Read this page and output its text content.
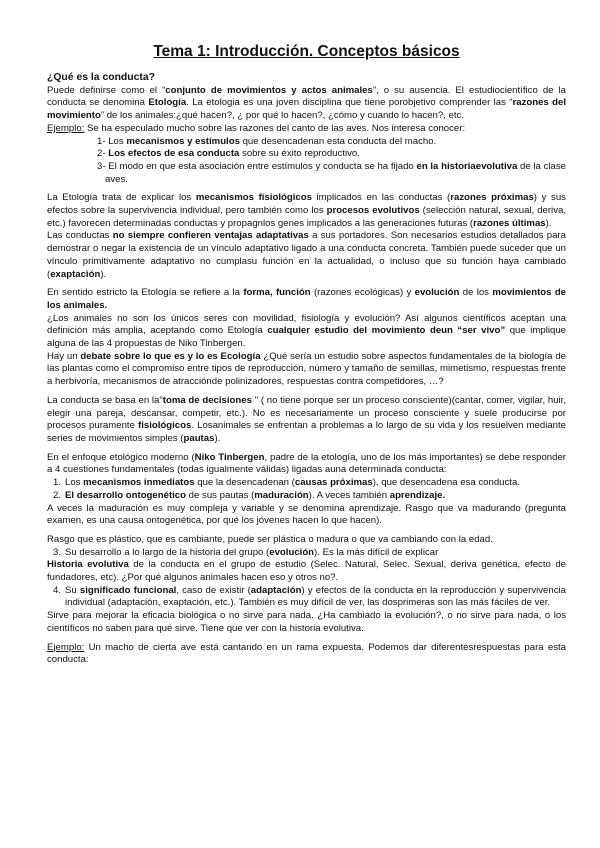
Tema 1: Introducción. Conceptos básicos
¿Qué es la conducta?

Puede definirse como el “conjunto de movimientos y actos animales”, o su ausencia. El estudiocientífico de la conducta se denomina Etología. La etologia es una joven disciplina que tiene porobjetivo comprender las “razones del movimiento” de los animales:¿qué hacen?, ¿ por qué lo hacen?, ¿cómo y cuando lo hacen?, etc.

Ejemplo: Se ha especulado mucho sobre las razones del canto de las aves. Nos interesa conocer:

1- Los mecanismos y estímulos que desencadenan esta conducta del macho.
2- Los efectos de esa conducta sobre su éxito reproductivo.
3- El modo en que esta asociación entre estímulos y conducta se ha fijado en la historiaevolutiva de la clase aves.

La Etología trata de explicar los mecanismos fisiológicos implicados en las conductas (razones próximas) y sus efectos sobre la supervivencia individual, pero también como los procesos evolutivos (selección natural, sexual, deriva, etc.) favorecen determinadas conductas y propagnlos genes implicados a las generaciones futuras (razones últimas).

Las conductas no siempre confieren ventajas adaptativas a sus portadores. Son necesarios estudios detallados para demostrar o negar la existencia de un vínculo adaptativo ligado a una conducta concreta. También puede suceder que un vínculo primitivamente adaptativo no cumplasu función en la actualidad, o incluso que su función haya cambiado (exaptación).

En sentido estricto la Etología se refiere a la forma, función (razones ecológicas) y evolución de los movimientos de los animales.

¿Los animales no son los únicos seres con movilidad, fisiología y evolución? Así algunos científicos aceptan una definición más amplia, aceptando como Etología cualquier estudio del movimiento deun “ser vivo” que implique alguna de las 4 propuestas de Niko Tinbergen.

Hay un debate sobre lo que es y lo es Ecología ¿Qué sería un estudio sobre aspectos fundamentales de la biología de las plantas como el compromiso entre tipos de reproducción, número y tamaño de semillas, mimetismo, respuestas frente a herbivoría, mecanismos de atracciónde polinizadores, respuestas contra competidores, …?

La conducta se basa en la"toma de decisiones " ( no tiene porque ser un proceso consciente)(cantar, comer, vigilar, huir, elegir una pareja, descansar, competir, etc.). No es necesariamente un proceso consciente y suele producirse por procesos puramente fisiológicos. Losanimales se enfrentan a problemas a lo largo de su vida y los resuelven mediante series de movimientos simples (pautas).

En el enfoque etológico moderno (Niko Tinbergen, padre de la etología, uno de los más importantes) se debe responder a 4 cuestiones fundamentales (todas igualmente válidas) ligadas auna determinada conducta:

1. Los mecanismos inmediatos que la desencadenan (causas próximas), que desencadena esa conducta.
2. El desarrollo ontogenético de sus pautas (maduración). A veces también aprendizaje.

A veces la maduración es muy compleja y variable y se denomina aprendizaje. Rasgo que va madurando (pregunta examen, es una causa ontogenética, por qué los jóvenes hacen lo que hacen).

Rasgo que es plástico, que es cambiante, puede ser plástica o madura o que va cambiando con la edad.

3. Su desarrollo a lo largo de la historia del grupo (evolución). Es la más difícil de explicar

Historia evolutiva de la conducta en el grupo de estudio (Selec. Natural, Selec. Sexual, deriva genética, efecto de fundadores, etc). ¿Por qué algunos animales hacen eso y otros no?.

4. Su significado funcional, caso de existir (adaptación) y efectos de la conducta en la reproducción y supervivencia individual (adaptación, exaptación, etc.). También es muy difícil de ver, las dosprimeras son las más fáciles de ver.

Sirve para mejorar la eficacia biológica o no sirve para nada. ¿Ha cambiado la evolución?, o no sirve para nada, o los científicos no saben para qué sirve. Tiene que ver con la historia evolutiva.

Ejemplo: Un macho de cierta ave está cantando en un rama expuesta. Podemos dar diferentesrespuestas para esta conducta:
